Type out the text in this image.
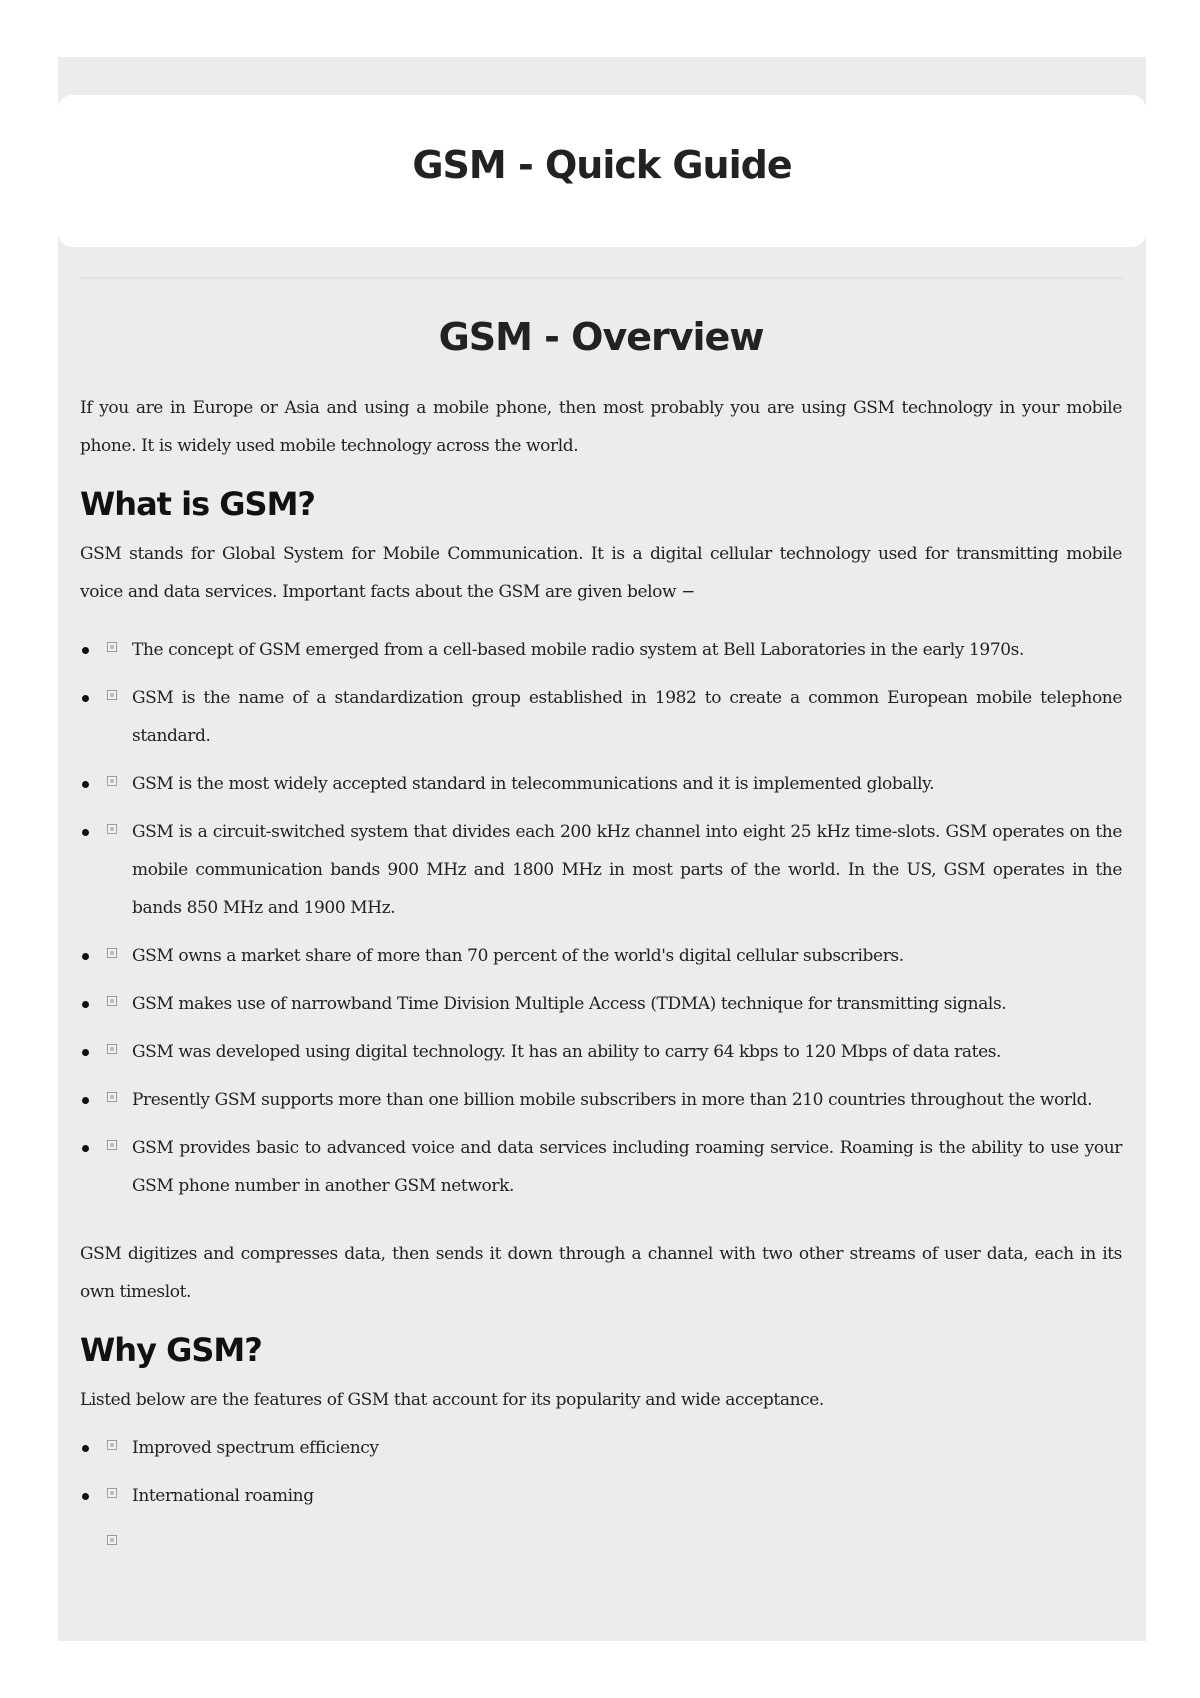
GSM - Quick Guide
GSM - Overview

If you are in Europe or Asia and using a mobile phone, then most probably you are using GSM technology in your mobile phone. It is widely used mobile technology across the world.

What is GSM?

GSM stands for Global System for Mobile Communication. It is a digital cellular technology used for transmitting mobile voice and data services. Important facts about the GSM are given below −

The concept of GSM emerged from a cell-based mobile radio system at Bell Laboratories in the early 1970s.
GSM is the name of a standardization group established in 1982 to create a common European mobile telephone standard.
GSM is the most widely accepted standard in telecommunications and it is implemented globally.
GSM is a circuit-switched system that divides each 200 kHz channel into eight 25 kHz time-slots. GSM operates on the mobile communication bands 900 MHz and 1800 MHz in most parts of the world. In the US, GSM operates in the bands 850 MHz and 1900 MHz.
GSM owns a market share of more than 70 percent of the world's digital cellular subscribers.
GSM makes use of narrowband Time Division Multiple Access (TDMA) technique for transmitting signals.
GSM was developed using digital technology. It has an ability to carry 64 kbps to 120 Mbps of data rates.
Presently GSM supports more than one billion mobile subscribers in more than 210 countries throughout the world.
GSM provides basic to advanced voice and data services including roaming service. Roaming is the ability to use your GSM phone number in another GSM network.

GSM digitizes and compresses data, then sends it down through a channel with two other streams of user data, each in its own timeslot.

Why GSM?

Listed below are the features of GSM that account for its popularity and wide acceptance.

Improved spectrum efficiency
International roaming
